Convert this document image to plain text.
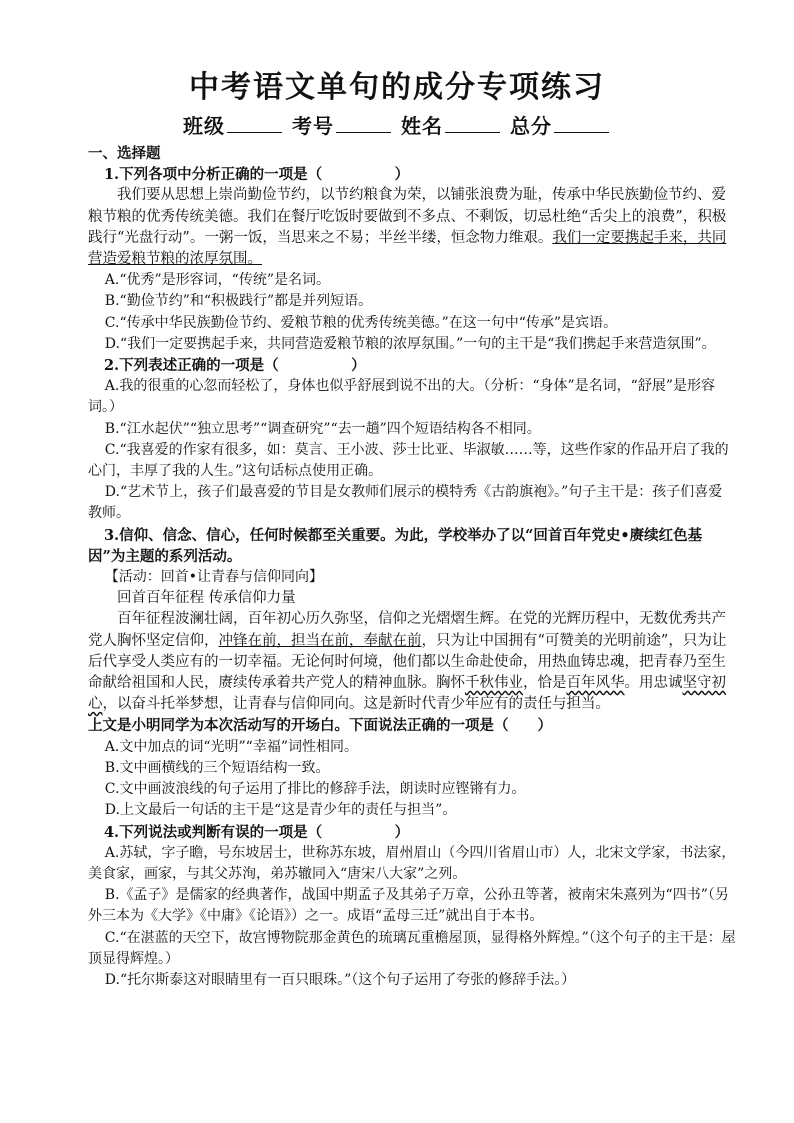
中考语文单句的成分专项练习
班级	考号	姓名	总分

一、选择题

1.下列各项中分析正确的一项是（　　　　　）

我们要从思想上崇尚勤俭节约，以节约粮食为荣，以铺张浪费为耻，传承中华民族勤俭节约、爱粮节粮的优秀传统美德。我们在餐厅吃饭时要做到不多点、不剩饭，切忌杜绝“舌尖上的浪费”，积极践行“光盘行动”。一粥一饭，当思来之不易；半丝半缕，恒念物力维艰。我们一定要携起手来，共同营造爱粮节粮的浓厚氛围。

A.“优秀”是形容词，“传统”是名词。

B.“勤俭节约”和“积极践行”都是并列短语。

C.“传承中华民族勤俭节约、爱粮节粮的优秀传统美德。”在这一句中“传承”是宾语。

D.“我们一定要携起手来，共同营造爱粮节粮的浓厚氛围。”一句的主干是“我们携起手来营造氛围”。

2.下列表述正确的一项是（　　　　　）

A.我的很重的心忽而轻松了，身体也似乎舒展到说不出的大。（分析：“身体”是名词，“舒展”是形容词。）

B.“江水起伏”“独立思考”“调查研究”“去一趟”四个短语结构各不相同。

C.“我喜爱的作家有很多，如：莫言、王小波、莎士比亚、毕淑敏……等，这些作家的作品开启了我的心门，丰厚了我的人生。”这句话标点使用正确。

D.“艺术节上，孩子们最喜爱的节目是女教师们展示的模特秀《古韵旗袍》。”句子主干是：孩子们喜爱教师。

3.信仰、信念、信心，任何时候都至关重要。为此，学校举办了以“回首百年党史•赓续红色基因”为主题的系列活动。

【活动：回首•让青春与信仰同向】

回首百年征程 传承信仰力量

百年征程波澜壮阔，百年初心历久弥坚，信仰之光熠熠生辉。在党的光辉历程中，无数优秀共产党人胸怀坚定信仰，冲锋在前，担当在前，奉献在前，只为让中国拥有“可赞美的光明前途”，只为让后代享受人类应有的一切幸福。无论何时何境，他们都以生命赴使命，用热血铸忠魂，把青春乃至生命献给祖国和人民，赓续传承着共产党人的精神血脉。胸怀千秋伟业，恰是百年风华。用忠诚坚守初心，以奋斗托举梦想，让青春与信仰同向。这是新时代青少年应有的责任与担当。

上文是小明同学为本次活动写的开场白。下面说法正确的一项是（　　）

A.文中加点的词“光明”“幸福”词性相同。

B.文中画横线的三个短语结构一致。

C.文中画波浪线的句子运用了排比的修辞手法，朗读时应铿锵有力。

D.上文最后一句话的主干是“这是青少年的责任与担当”。

4.下列说法或判断有误的一项是（　　　　　）

A.苏轼，字子瞻，号东坡居士，世称苏东坡，眉州眉山（今四川省眉山市）人，北宋文学家，书法家，美食家，画家，与其父苏洵，弟苏辙同入“唐宋八大家”之列。

B.《孟子》是儒家的经典著作，战国中期孟子及其弟子万章，公孙丑等著，被南宋朱熹列为“四书”（另外三本为《大学》《中庸》《论语》）之一。成语“孟母三迁”就出自于本书。

C.“在湛蓝的天空下，故宫博物院那金黄色的琉璃瓦重檐屋顶，显得格外辉煌。”（这个句子的主干是：屋顶显得辉煌。）

D.“托尔斯泰这对眼睛里有一百只眼珠。”（这个句子运用了夸张的修辞手法。）
